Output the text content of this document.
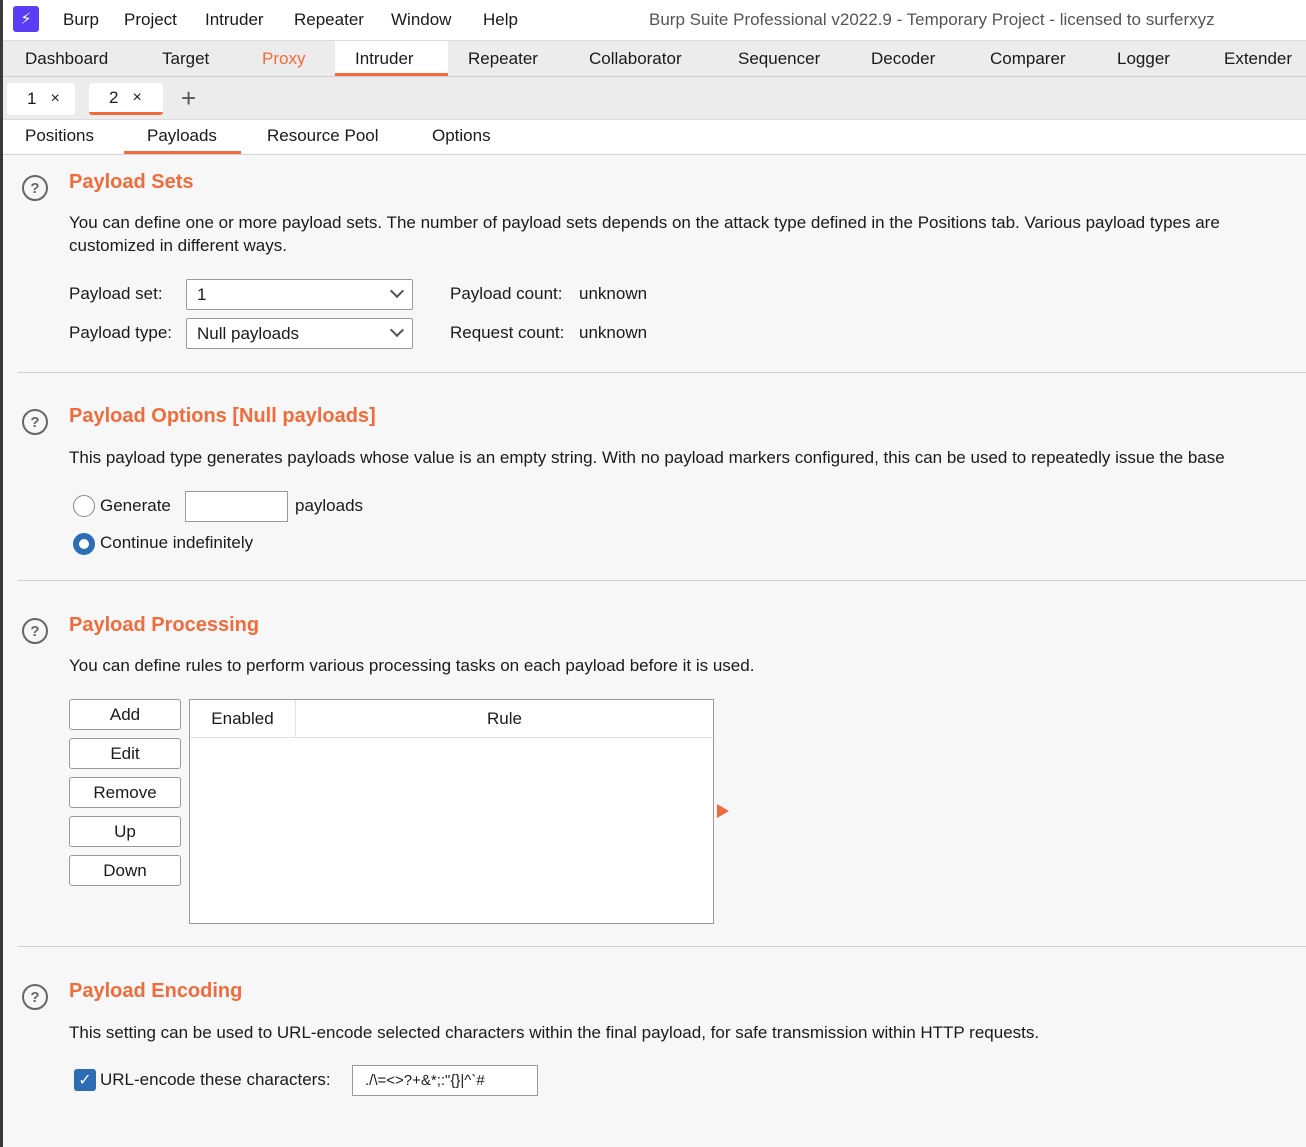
⚡	Burp Project Intruder Repeater Window Help	Burp Suite Professional v2022.9 - Temporary Project - licensed to surferxyz
Dashboard	Target	Proxy	Intruder	Repeater	Collaborator	Sequencer	Decoder	Comparer	Logger	Extender
1 ×	2 × +
Positions	Payloads	Resource Pool	Options
?	Payload Sets
You can define one or more payload sets. The number of payload sets depends on the attack type defined in the Positions tab. Various payload types are
customized in different ways.
Payload set: 1	Payload count: unknown
Payload type: Null payloads	Request count: unknown
?	Payload Options [Null payloads]
This payload type generates payloads whose value is an empty string. With no payload markers configured, this can be used to repeatedly issue the base
Generate	payloads
Continue indefinitely
?	Payload Processing
You can define rules to perform various processing tasks on each payload before it is used.
Add
Edit
Remove
Up
Down
Enabled	Rule
?	Payload Encoding
This setting can be used to URL-encode selected characters within the final payload, for safe transmission within HTTP requests.
✓ URL-encode these characters:	./\=<>?+&*;:"{}|^`#
